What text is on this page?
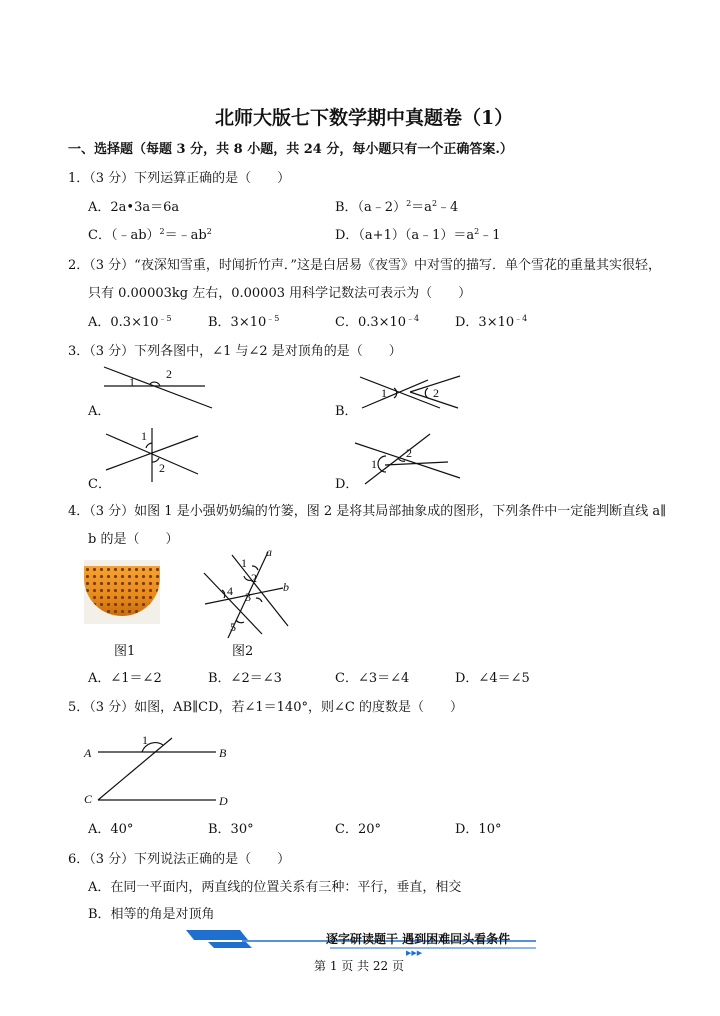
北师大版七下数学期中真题卷（1）
一、选择题（每题 3 分，共 8 小题，共 24 分，每小题只有一个正确答案.）
1．（3 分）下列运算正确的是（　　）
A．2a•3a＝6a	B．$(a﹣2)^2=a^2﹣4$
C．$(﹣ab)^2=﹣ab^2$	D．$(a+1)(a﹣1)=a^2﹣1$
2．（3 分）“夜深知雪重，时闻折竹声．”这是白居易《夜雪》中对雪的描写．单个雪花的重量其实很轻，
只有 0.00003kg 左右，0.00003 用科学记数法可表示为（　　）
A．$0.3\times 10^{﹣5}$	B．$3\times 10^{﹣5}$	C．$0.3\times 10^{﹣4}$	D．$3\times 10^{﹣4}$
3．（3 分）下列各图中，∠1 与∠2 是对顶角的是（　　）
A．	B．
C．	D．
1
2
1	2
1
2	1
2
a
b
1
2
3
4
5
A	B
C	D
1
4．（3 分）如图 1 是小强奶奶编的竹篓，图 2 是将其局部抽象成的图形，下列条件中一定能判断直线 a∥
b 的是（　　）
图1	图2
A．∠1＝∠2	B．∠2＝∠3	C．∠3＝∠4	D．∠4＝∠5
5．（3 分）如图，AB∥CD，若∠1＝140°，则∠C 的度数是（　　）
A．40°	B．30°	C．20°	D．10°
6．（3 分）下列说法正确的是（　　）
A．在同一平面内，两直线的位置关系有三种：平行，垂直，相交
B．相等的角是对顶角
▶▶▶
逐字研读题干 遇到困难回头看条件
第 1 页 共 22 页
